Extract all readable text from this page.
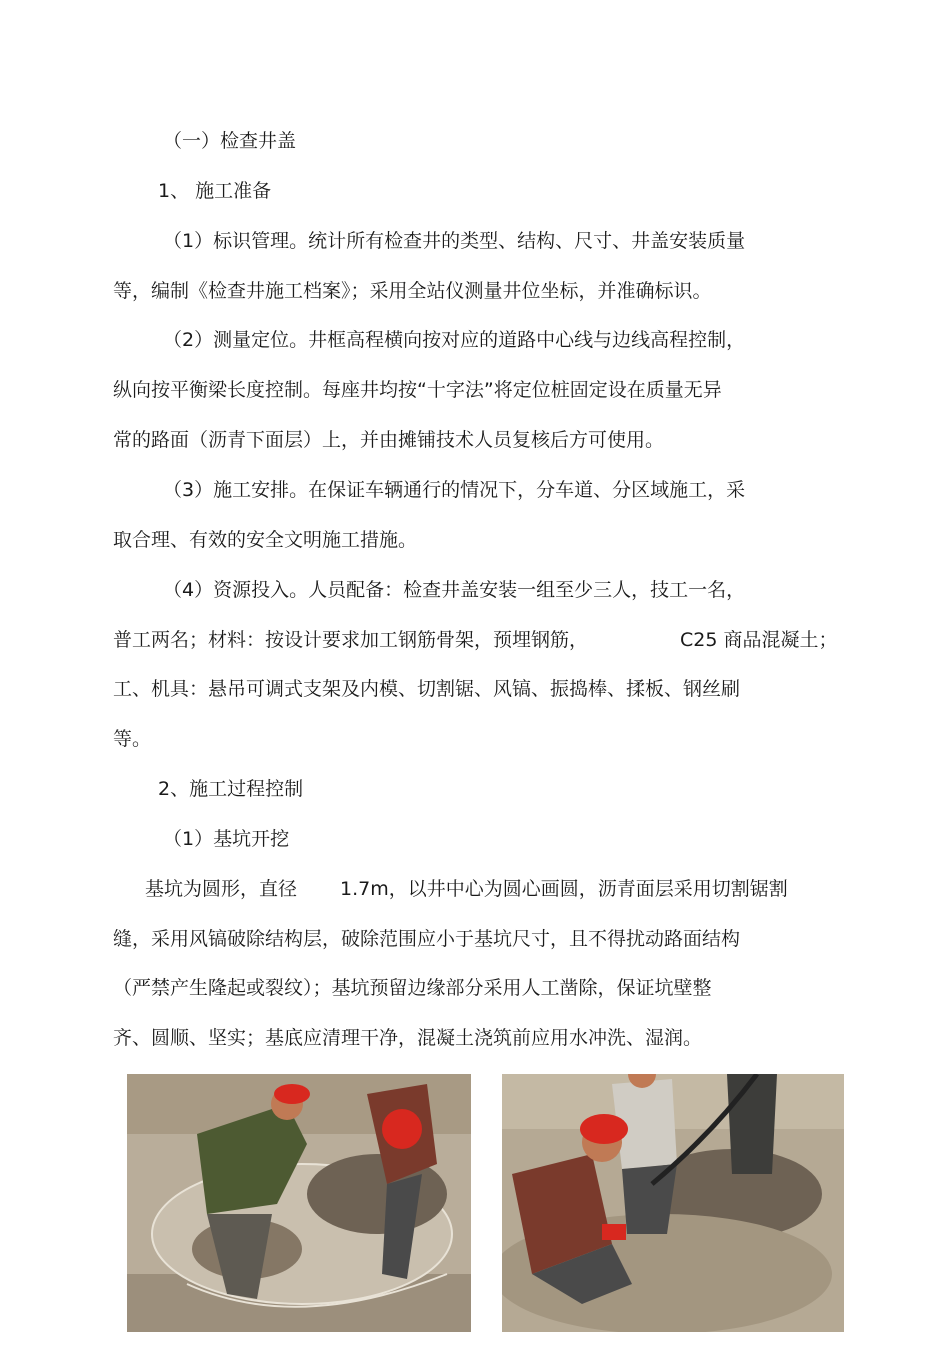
（一）检查井盖
1、 施工准备
（1）标识管理。统计所有检查井的类型、结构、尺寸、井盖安装质量
等，编制《检查井施工档案》；采用全站仪测量井位坐标，并准确标识。
（2）测量定位。井框高程横向按对应的道路中心线与边线高程控制，
纵向按平衡梁长度控制。每座井均按“十字法”将定位桩固定设在质量无异
常的路面（沥青下面层）上，并由摊铺技术人员复核后方可使用。
（3）施工安排。在保证车辆通行的情况下，分车道、分区域施工，采
取合理、有效的安全文明施工措施。
（4）资源投入。人员配备：检查井盖安装一组至少三人，技工一名，
普工两名；材料：按设计要求加工钢筋骨架，预埋钢筋，	C25 商品混凝土；
工、机具：悬吊可调式支架及内模、切割锯、风镐、振捣棒、揉板、钢丝刷
等。
2、施工过程控制
（1）基坑开挖
基坑为圆形，直径 1.7m，以井中心为圆心画圆，沥青面层采用切割锯割
缝，采用风镐破除结构层，破除范围应小于基坑尺寸，且不得扰动路面结构
（严禁产生隆起或裂纹）；基坑预留边缘部分采用人工凿除，保证坑壁整
齐、圆顺、坚实；基底应清理干净，混凝土浇筑前应用水冲洗、湿润。
